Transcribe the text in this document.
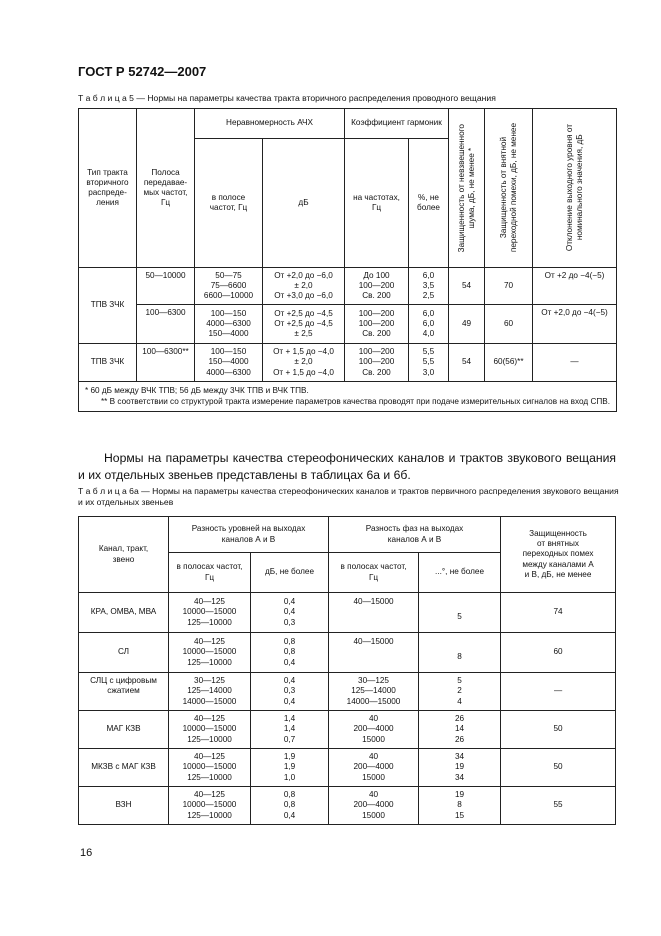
ГОСТ Р 52742—2007
Т а б л и ц а 5 — Нормы на параметры качества тракта вторичного распределения проводного вещания
Тип тракта
вторичного
распреде-
ления	Полоса
передавае-
мых частот,
Гц	Неравномерность АЧХ		Коэффициент гармоник		Защищенность от невзвешенного
шума, дБ, не менее *	Защищенность от внятной
переходной помехи, дБ, не менее	Отклонение выходного уровня от
номинального значения, дБ

		в полосе
частот, Гц	дБ	на частотах,
Гц	%, не
более			
ТПВ ЗЧК	50—10000	50—75
75—6600
6600—10000	От +2,0 до −6,0
± 2,0
От +3,0 до −6,0	До 100
100—200
Св. 200	6,0
3,5
2,5	54	70	От +2 до −4(−5)
	100—6300	100—150
4000—6300
150—4000	От +2,5 до −4,5
От +2,5 до −4,5
± 2,5	100—200
100—200
Св. 200	6,0
6,0
4,0	49	60	От +2,0 до −4(−5)
ТПВ 3ЧК	100—6300**	100—150
150—4000
4000—6300	От + 1,5 до −4,0
± 2,0
От + 1,5 до −4,0	100—200
100—200
Св. 200	5,5
5,5
3,0	54	60(56)**	—

* 60 дБ между ВЧК ТПВ; 56 дБ между 3ЧК ТПВ и ВЧК ТПВ.
** В соответствии со структурой тракта измерение параметров качества проводят при подаче измерительных сигналов на вход СПВ.								
Нормы на параметры качества стереофонических каналов и трактов звукового вещания и их отдельных звеньев представлены в таблицах 6а и 6б.
Т а б л и ц а 6а — Нормы на параметры качества стереофонических каналов и трактов первичного распределения звукового вещания и их отдельных звеньев
Канал, тракт,
звено	Разность уровней на выходах
каналов А и В		Разность фаз на выходах
каналов А и В		Защищенность
от внятных
переходных помех
между каналами А
и В, дБ, не менее
	в полосах частот,
Гц	дБ, не более	в полосах частот,
Гц	...°, не более	
КРА, ОМВА, МВА	40—125
10000—15000
125—10000	0,4
0,4
0,3	40—15000	5	74
СЛ	40—125
10000—15000
125—10000	0,8
0,8
0,4	40—15000	8	60
СЛЦ с цифровым
сжатием	30—125
125—14000
14000—15000	0,4
0,3
0,4	30—125
125—14000
14000—15000	5
2
4	—
МАГ КЗВ	40—125
10000—15000
125—10000	1,4
1,4
0,7	40
200—4000
15000	26
14
26	50
МКЗВ с МАГ КЗВ	40—125
10000—15000
125—10000	1,9
1,9
1,0	40
200—4000
15000	34
19
34	50
ВЗН	40—125
10000—15000
125—10000	0,8
0,8
0,4	40
200—4000
15000	19
8
15	55
16
